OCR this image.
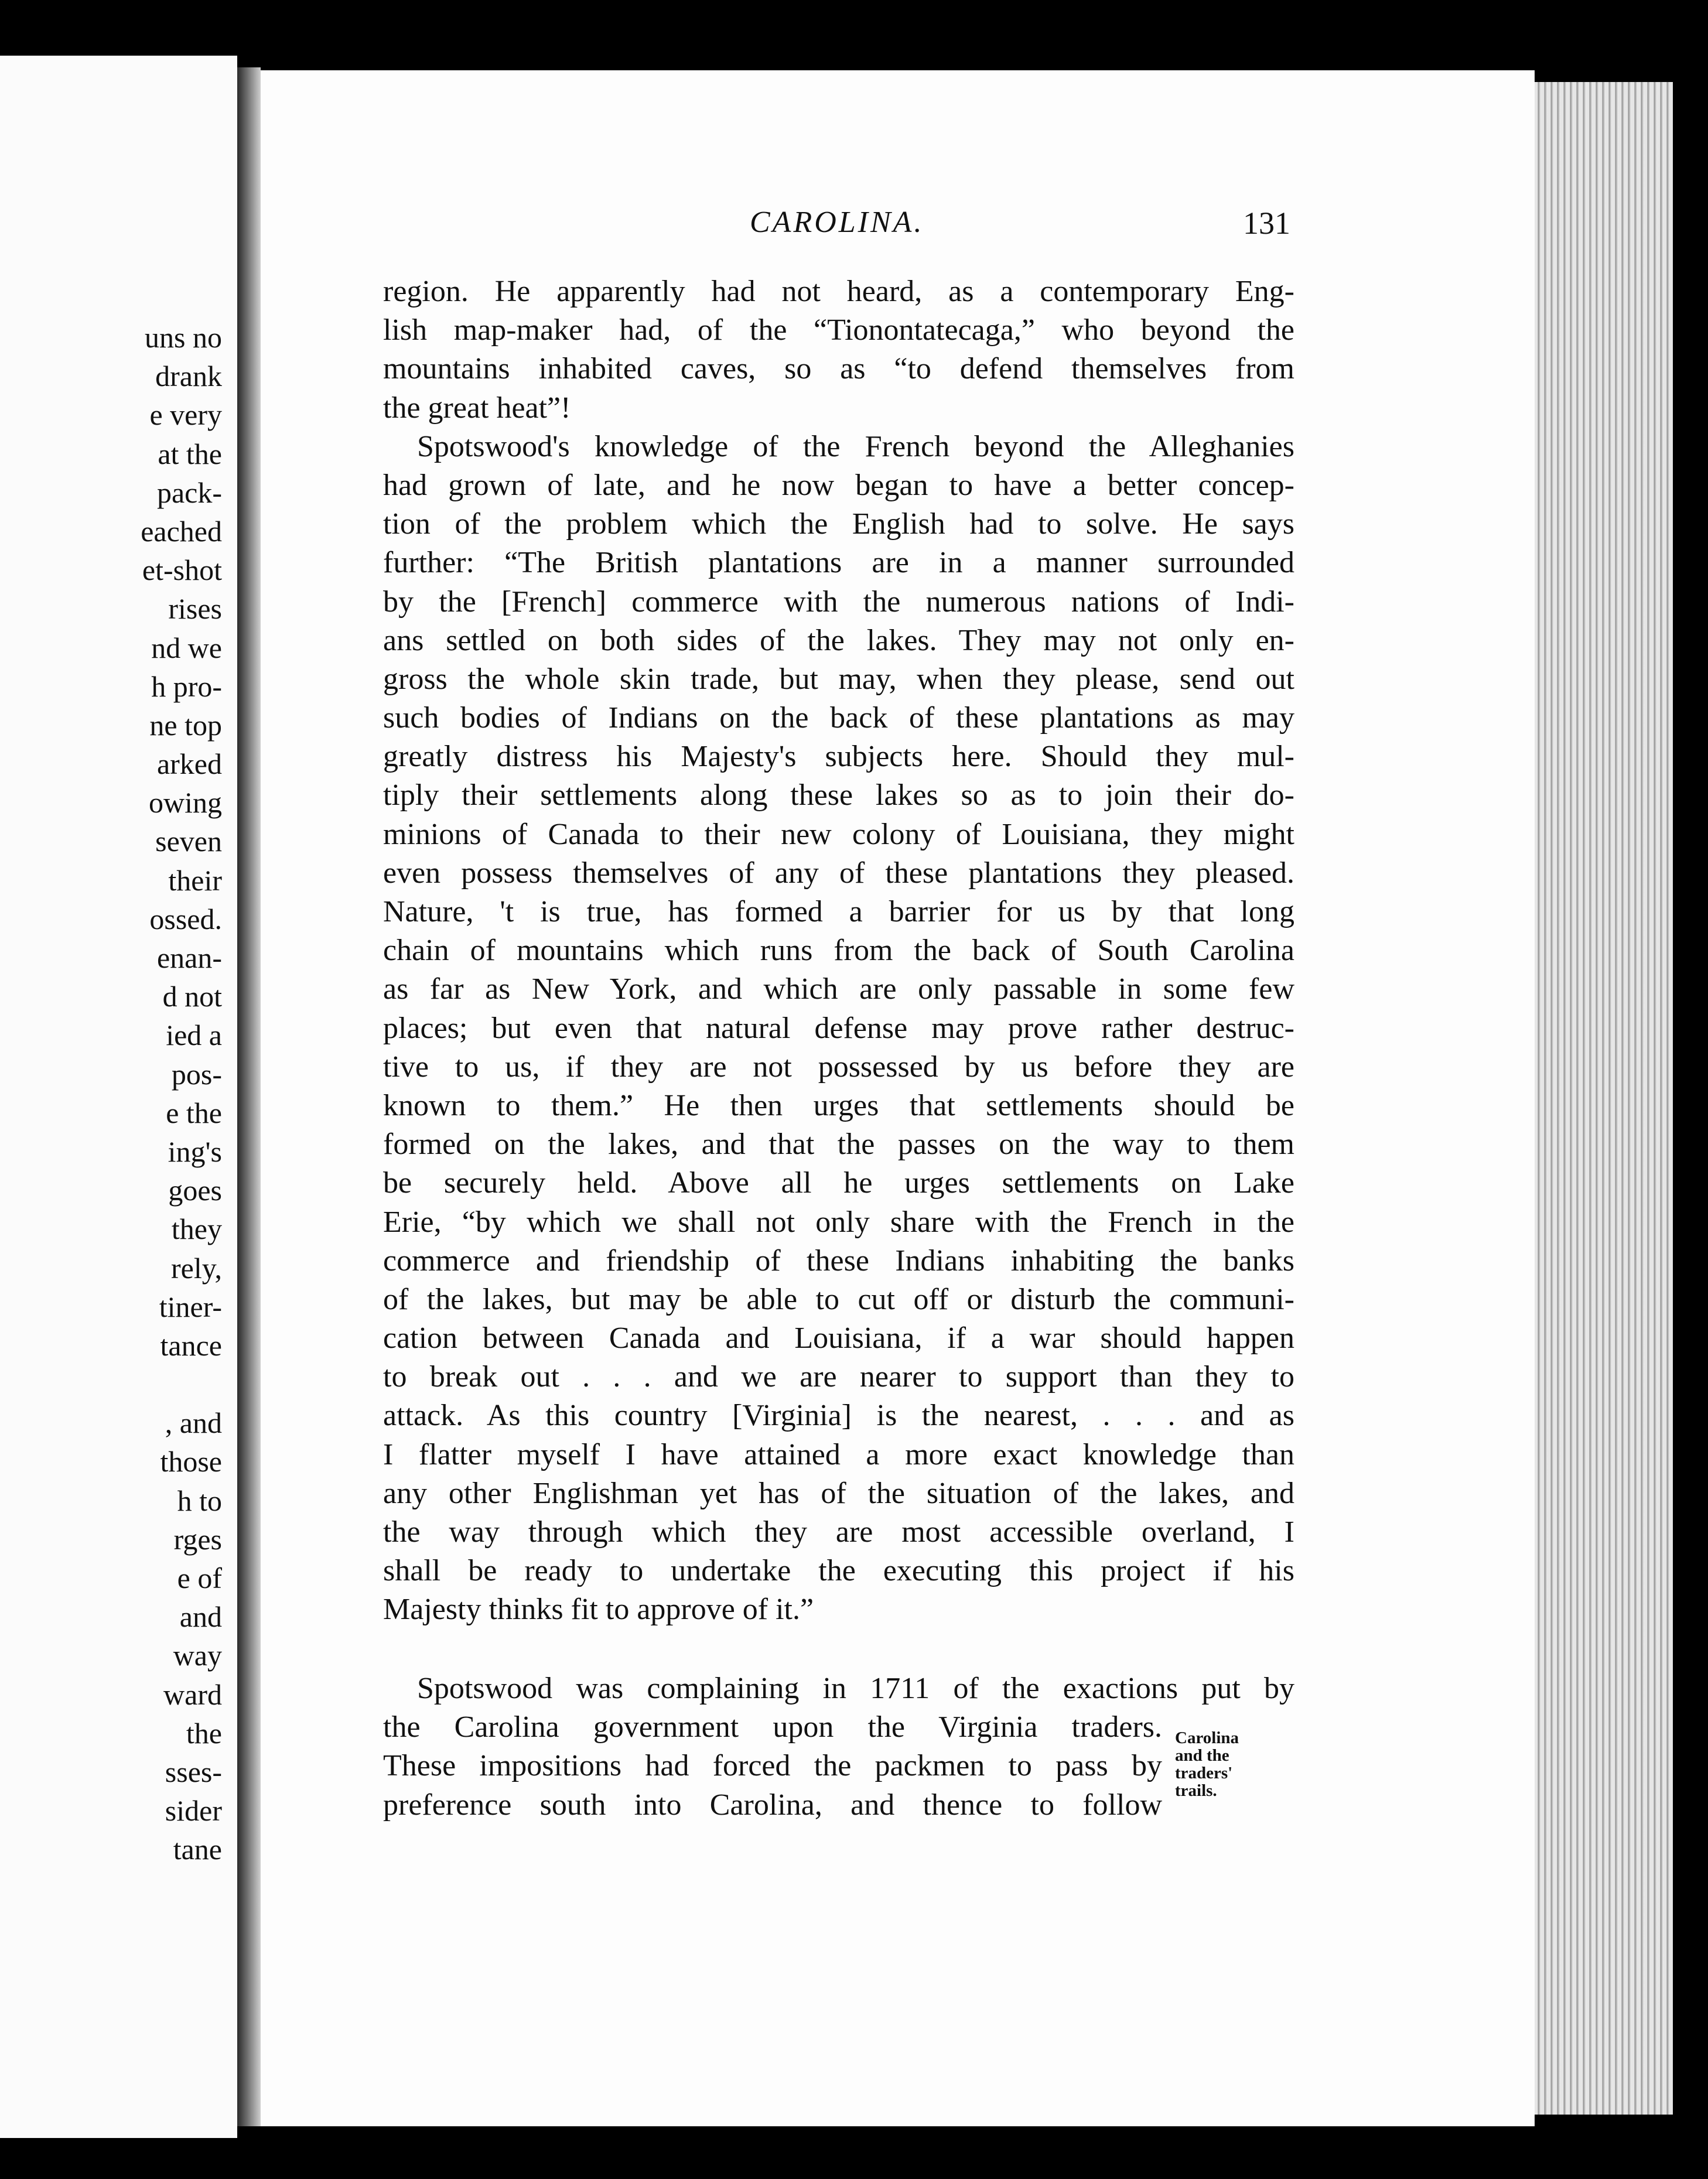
uns no
drank
e very
at the
pack-
eached
et-shot
rises
nd we
h pro-
ne top
arked
owing
seven
their
ossed.
enan-
d not
ied a
pos-
e the
ing's
goes
they
rely,
tiner-
tance
, and
those
h to
rges
e of
and
way
ward
the
sses-
sider
tane
CAROLINA.	131
region. He apparently had not heard, as a contemporary Eng-
lish map-maker had, of the “Tionontatecaga,” who beyond the
mountains inhabited caves, so as “to defend themselves from
the great heat”!
Spotswood's knowledge of the French beyond the Alleghanies
had grown of late, and he now began to have a better concep-
tion of the problem which the English had to solve. He says
further: “The British plantations are in a manner surrounded
by the [French] commerce with the numerous nations of Indi-
ans settled on both sides of the lakes. They may not only en-
gross the whole skin trade, but may, when they please, send out
such bodies of Indians on the back of these plantations as may
greatly distress his Majesty's subjects here. Should they mul-
tiply their settlements along these lakes so as to join their do-
minions of Canada to their new colony of Louisiana, they might
even possess themselves of any of these plantations they pleased.
Nature, 't is true, has formed a barrier for us by that long
chain of mountains which runs from the back of South Carolina
as far as New York, and which are only passable in some few
places; but even that natural defense may prove rather destruc-
tive to us, if they are not possessed by us before they are
known to them.” He then urges that settlements should be
formed on the lakes, and that the passes on the way to them
be securely held. Above all he urges settlements on Lake
Erie, “by which we shall not only share with the French in the
commerce and friendship of these Indians inhabiting the banks
of the lakes, but may be able to cut off or disturb the communi-
cation between Canada and Louisiana, if a war should happen
to break out . . . and we are nearer to support than they to
attack. As this country [Virginia] is the nearest, . . . and as
I flatter myself I have attained a more exact knowledge than
any other Englishman yet has of the situation of the lakes, and
the way through which they are most accessible overland, I
shall be ready to undertake the executing this project if his
Majesty thinks fit to approve of it.”
Spotswood was complaining in 1711 of the exactions put by
the Carolina government upon the Virginia traders.
These impositions had forced the packmen to pass by
preference south into Carolina, and thence to follow
Carolina
and the
traders'
trails.
